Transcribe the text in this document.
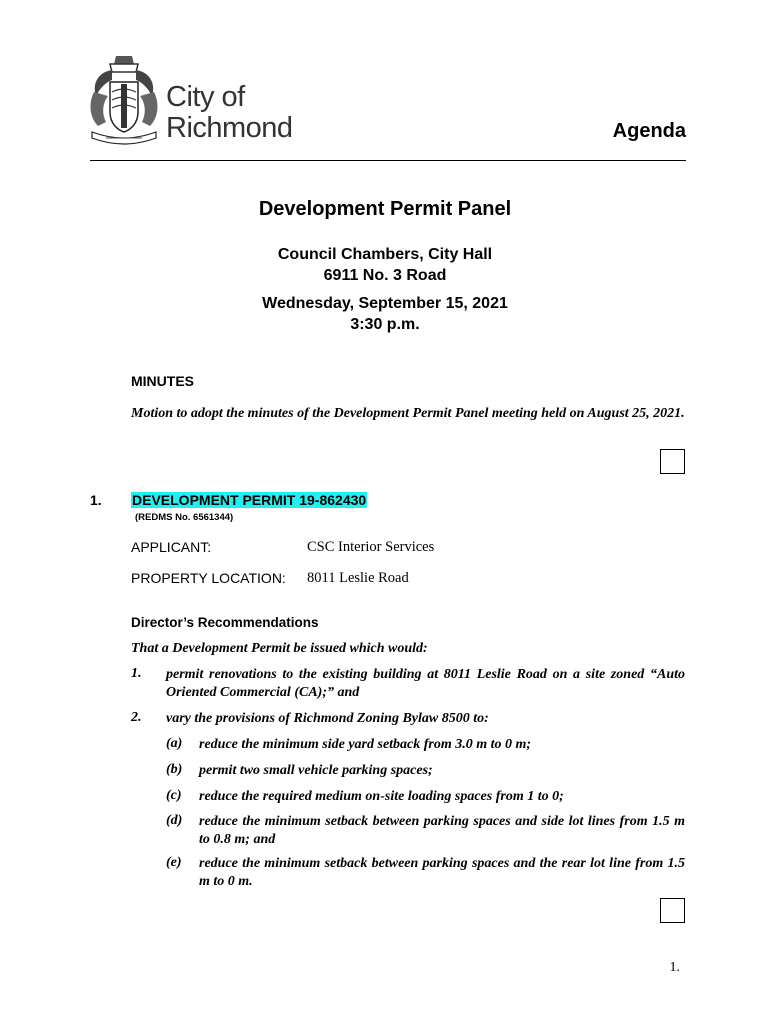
City of
Richmond	Agenda
Development Permit Panel
Council Chambers, City Hall
6911 No. 3 Road
Wednesday, September 15, 2021
3:30 p.m.
MINUTES
Motion to adopt the minutes of the Development Permit Panel meeting held on August 25, 2021.
1. DEVELOPMENT PERMIT 19-862430
(REDMS No. 6561344)
APPLICANT:	CSC Interior Services
PROPERTY LOCATION: 8011 Leslie Road
Director’s Recommendations
That a Development Permit be issued which would:
1. permit renovations to the existing building at 8011 Leslie Road on a site zoned “Auto Oriented Commercial (CA);” and
2. vary the provisions of Richmond Zoning Bylaw 8500 to:
(a) reduce the minimum side yard setback from 3.0 m to 0 m;
(b) permit two small vehicle parking spaces;
(c) reduce the required medium on-site loading spaces from 1 to 0;
(d) reduce the minimum setback between parking spaces and side lot lines from 1.5 m to 0.8 m; and
(e) reduce the minimum setback between parking spaces and the rear lot line from 1.5 m to 0 m.
1.
